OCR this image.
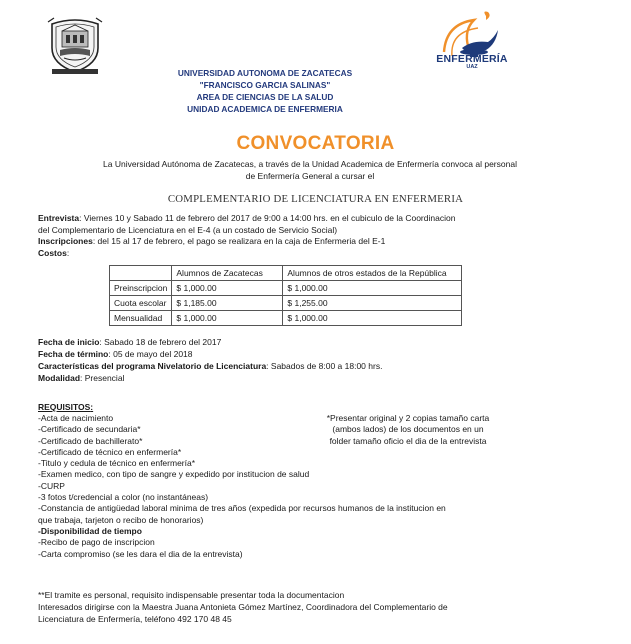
ENFERMERÍA
UAZ
UNIVERSIDAD AUTONOMA DE ZACATECAS
"FRANCISCO GARCIA SALINAS"
AREA DE CIENCIAS DE LA SALUD
UNIDAD ACADEMICA DE ENFERMERIA
CONVOCATORIA
La Universidad Autónoma de Zacatecas, a través de la Unidad Academica de Enfermería convoca al personal
de Enfermería General a cursar el
COMPLEMENTARIO DE LICENCIATURA EN ENFERMERIA

Entrevista: Viernes 10 y Sabado 11 de febrero del 2017 de 9:00 a 14:00 hrs. en el cubiculo de la Coordinacion

del Complementario de Licenciatura en el E-4 (a un costado de Servicio Social)

Inscripciones: del 15 al 17 de febrero, el pago se realizara en la caja de Enfermeria del E-1

Costos:

	Alumnos de Zacatecas	Alumnos de otros estados de la República
Preinscripcion	$ 1,000.00	$ 1,000.00
Cuota escolar	$ 1,185.00	$ 1,255.00
Mensualidad	$ 1,000.00	$ 1,000.00

Fecha de inicio: Sabado 18 de febrero del 2017

Fecha de término: 05 de mayo del 2018

Características del programa Nivelatorio de Licenciatura: Sabados de 8:00 a 18:00 hrs.

Modalidad: Presencial

REQUISITOS:

-Acta de nacimiento

-Certificado de secundaria*

-Certificado de bachillerato*

-Certificado de técnico en enfermería*

-Titulo y cedula de técnico en enfermería*

-Examen medico, con tipo de sangre y expedido por institucion de salud

-CURP

-3 fotos t/credencial a color (no instantáneas)

-Constancia de antigüedad laboral minima de tres años (expedida por recursos humanos de la institucion en

que trabaja, tarjeton o recibo de honorarios)

-Disponibilidad de tiempo

-Recibo de pago de inscripcion

-Carta compromiso (se les dara el dia de la entrevista)

*Presentar original y 2 copias tamaño carta

(ambos lados) de los documentos en un

folder tamaño oficio el dia de la entrevista

**El tramite es personal, requisito indispensable presentar toda la documentacion

Interesados dirigirse con la Maestra Juana Antonieta Gómez Martínez, Coordinadora del Complementario de

Licenciatura de Enfermería, teléfono 492 170 48 45
